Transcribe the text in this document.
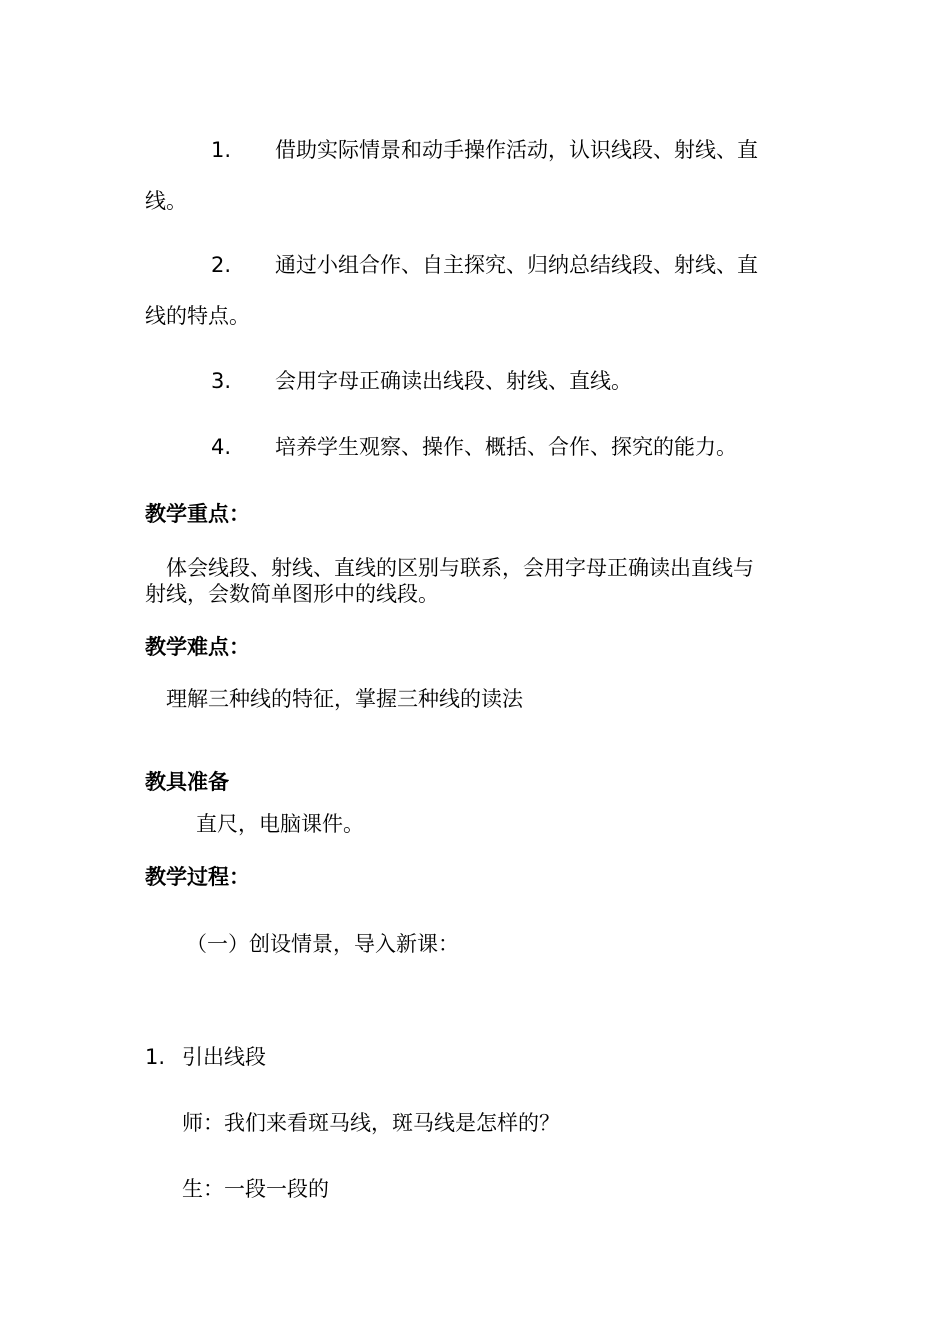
1. 借助实际情景和动手操作活动，认识线段、射线、直
线。
2. 通过小组合作、自主探究、归纳总结线段、射线、直
线的特点。
3. 会用字母正确读出线段、射线、直线。
4. 培养学生观察、操作、概括、合作、探究的能力。
教学重点：
体会线段、射线、直线的区别与联系，会用字母正确读出直线与
射线，会数简单图形中的线段。
教学难点：
理解三种线的特征，掌握三种线的读法
教具准备
直尺，电脑课件。
教学过程：
（一）创设情景，导入新课：
1. 引出线段
师：我们来看斑马线，斑马线是怎样的？
生：一段一段的
